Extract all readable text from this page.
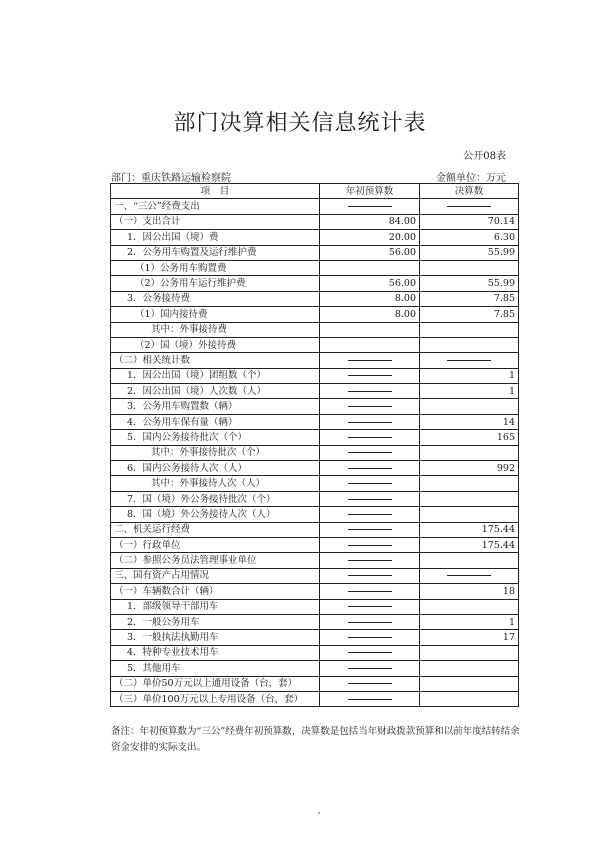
部门决算相关信息统计表
公开08表
部门：重庆铁路运输检察院	金额单位：万元
项　目	年初预算数	决算数
一、“三公”经费支出		
（一）支出合计	84.00	70.14
1．因公出国（境）费	20.00	6.30
2．公务用车购置及运行维护费	56.00	55.99
（1）公务用车购置费		
（2）公务用车运行维护费	56.00	55.99
3．公务接待费	8.00	7.85
（1）国内接待费	8.00	7.85
其中：外事接待费		
（2）国（境）外接待费		
（二）相关统计数		
1．因公出国（境）团组数（个）		1
2．因公出国（境）人次数（人）		1
3．公务用车购置数（辆）		
4．公务用车保有量（辆）		14
5．国内公务接待批次（个）		165
其中：外事接待批次（个）		
6．国内公务接待人次（人）		992
其中：外事接待人次（人）		
7．国（境）外公务接待批次（个）		
8．国（境）外公务接待人次（人）		
二、机关运行经费		175.44
（一）行政单位		175.44
（二）参照公务员法管理事业单位		
三、国有资产占用情况		
（一）车辆数合计（辆）		18
1．部级领导干部用车		
2．一般公务用车		1
3．一般执法执勤用车		17
4．特种专业技术用车		
5．其他用车		
（二）单价50万元以上通用设备（台，套）		
（三）单价100万元以上专用设备（台，套）		
备注：年初预算数为“三公”经费年初预算数，决算数是包括当年财政拨款预算和以前年度结转结余资金安排的实际支出。
